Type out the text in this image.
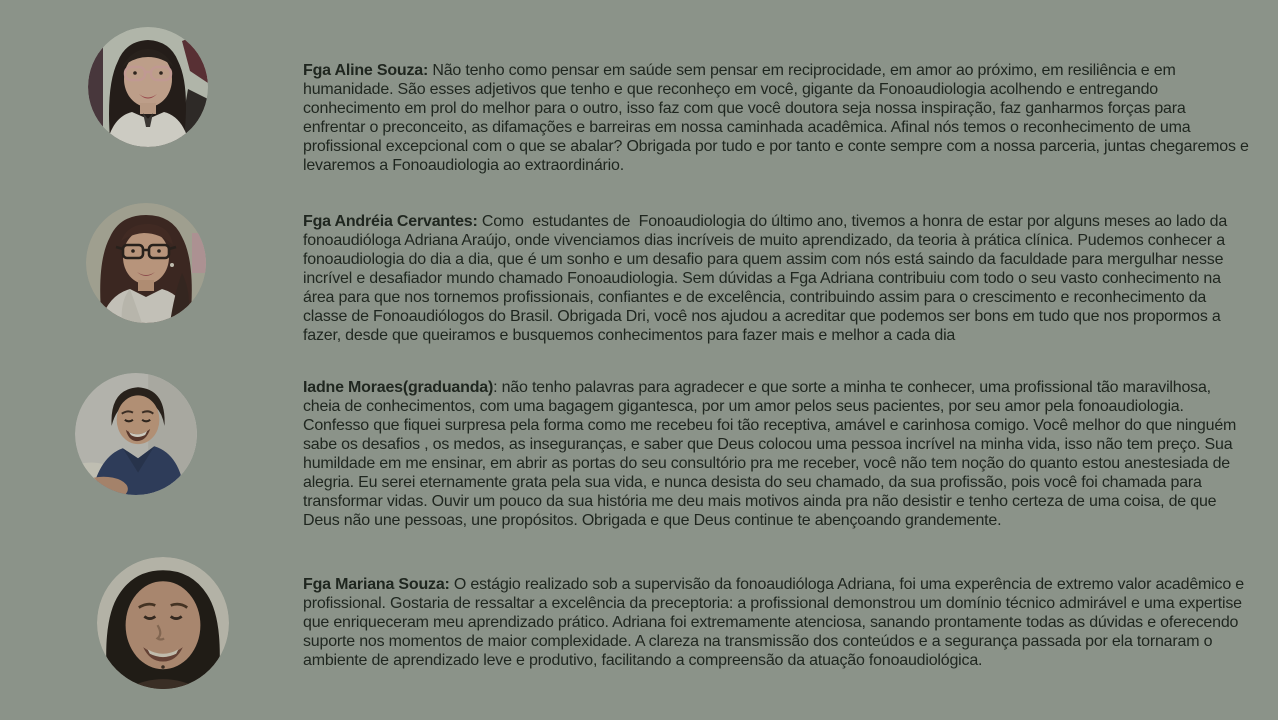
Fga Aline Souza: Não tenho como pensar em saúde sem pensar em reciprocidade, em amor ao próximo, em resiliência e em humanidade. São esses adjetivos que tenho e que reconheço em você, gigante da Fonoaudiologia acolhendo e entregando conhecimento em prol do melhor para o outro, isso faz com que você doutora seja nossa inspiração, faz ganharmos forças para enfrentar o preconceito, as difamações e barreiras em nossa caminhada acadêmica. Afinal nós temos o reconhecimento de uma profissional excepcional com o que se abalar? Obrigada por tudo e por tanto e conte sempre com a nossa parceria, juntas chegaremos e levaremos a Fonoaudiologia ao extraordinário.

Fga Andréia Cervantes: Como  estudantes de  Fonoaudiologia do último ano, tivemos a honra de estar por alguns meses ao lado da fonoaudióloga Adriana Araújo, onde vivenciamos dias incríveis de muito aprendizado, da teoria à prática clínica. Pudemos conhecer a fonoaudiologia do dia a dia, que é um sonho e um desafio para quem assim com nós está saindo da faculdade para mergulhar nesse incrível e desafiador mundo chamado Fonoaudiologia. Sem dúvidas a Fga Adriana contribuiu com todo o seu vasto conhecimento na área para que nos tornemos profissionais, confiantes e de excelência, contribuindo assim para o crescimento e reconhecimento da classe de Fonoaudiólogos do Brasil. Obrigada Dri, você nos ajudou a acreditar que podemos ser bons em tudo que nos propormos a fazer, desde que queiramos e busquemos conhecimentos para fazer mais e melhor a cada dia

Iadne Moraes(graduanda): não tenho palavras para agradecer e que sorte a minha te conhecer, uma profissional tão maravilhosa, cheia de conhecimentos, com uma bagagem gigantesca, por um amor pelos seus pacientes, por seu amor pela fonoaudiologia. Confesso que fiquei surpresa pela forma como me recebeu foi tão receptiva, amável e carinhosa comigo. Você melhor do que ninguém sabe os desafios , os medos, as inseguranças, e saber que Deus colocou uma pessoa incrível na minha vida, isso não tem preço. Sua humildade em me ensinar, em abrir as portas do seu consultório pra me receber, você não tem noção do quanto estou anestesiada de alegria. Eu serei eternamente grata pela sua vida, e nunca desista do seu chamado, da sua profissão, pois você foi chamada para transformar vidas. Ouvir um pouco da sua história me deu mais motivos ainda pra não desistir e tenho certeza de uma coisa, de que Deus não une pessoas, une propósitos. Obrigada e que Deus continue te abençoando grandemente.

Fga Mariana Souza: O estágio realizado sob a supervisão da fonoaudióloga Adriana, foi uma experência de extremo valor acadêmico e profissional. Gostaria de ressaltar a excelência da preceptoria: a profissional demonstrou um domínio técnico admirável e uma expertise que enriqueceram meu aprendizado prático. Adriana foi extremamente atenciosa, sanando prontamente todas as dúvidas e oferecendo suporte nos momentos de maior complexidade. A clareza na transmissão dos conteúdos e a segurança passada por ela tornaram o ambiente de aprendizado leve e produtivo, facilitando a compreensão da atuação fonoaudiológica.
